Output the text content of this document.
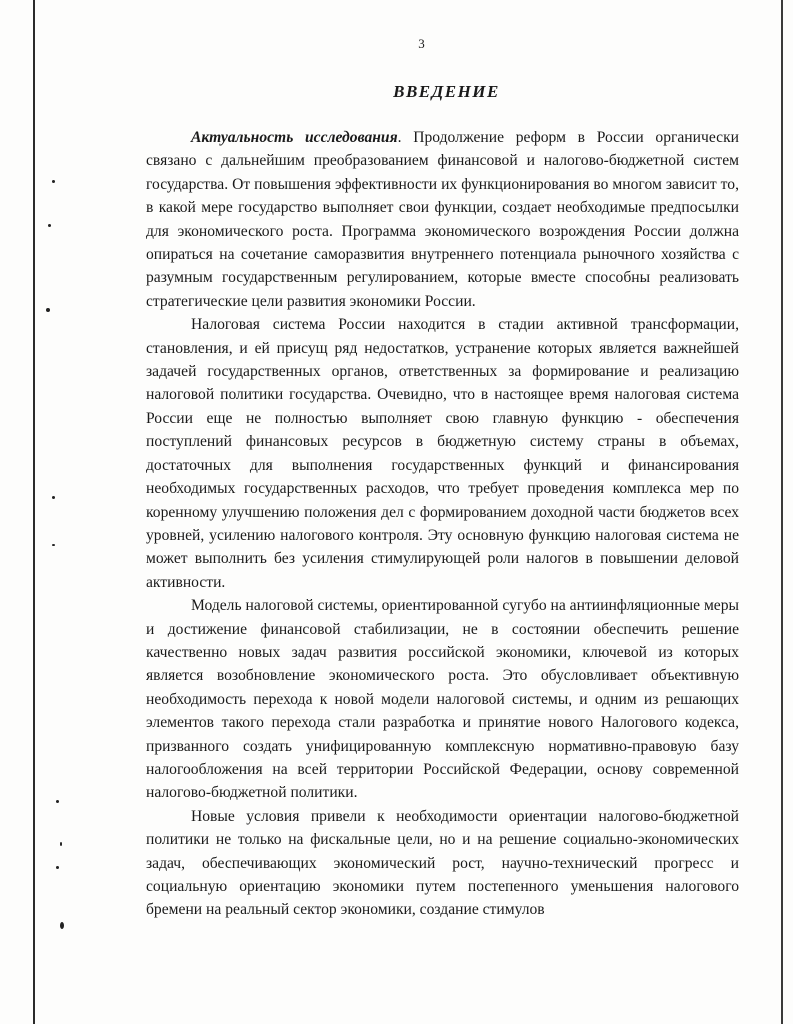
3
ВВЕДЕНИЕ

Актуальность исследования. Продолжение реформ в России органически связано с дальнейшим преобразованием финансовой и налогово-бюджетной систем государства. От повышения эффективности их функционирования во многом зависит то, в какой мере государство выполняет свои функции, создает необходимые предпосылки для экономического роста. Программа экономического возрождения России должна опираться на сочетание саморазвития внутреннего потенциала рыночного хозяйства с разумным государственным регулированием, которые вместе способны реализовать стратегические цели развития экономики России.

Налоговая система России находится в стадии активной трансформации, становления, и ей присущ ряд недостатков, устранение которых является важнейшей задачей государственных органов, ответственных за формирование и реализацию налоговой политики государства. Очевидно, что в настоящее время налоговая система России еще не полностью выполняет свою главную функцию - обеспечения поступлений финансовых ресурсов в бюджетную систему страны в объемах, достаточных для выполнения государственных функций и финансирования необходимых государственных расходов, что требует проведения комплекса мер по коренному улучшению положения дел с формированием доходной части бюджетов всех уровней, усилению налогового контроля. Эту основную функцию налоговая система не может выполнить без усиления стимулирующей роли налогов в повышении деловой активности.

Модель налоговой системы, ориентированной сугубо на антиинфляционные меры и достижение финансовой стабилизации, не в состоянии обеспечить решение качественно новых задач развития российской экономики, ключевой из которых является возобновление экономического роста. Это обусловливает объективную необходимость перехода к новой модели налоговой системы, и одним из решающих элементов такого перехода стали разработка и принятие нового Налогового кодекса, призванного создать унифицированную комплексную нормативно-правовую базу налогообложения на всей территории Российской Федерации, основу современной налогово-бюджетной политики.

Новые условия привели к необходимости ориентации налогово-бюджетной политики не только на фискальные цели, но и на решение социально-экономических задач, обеспечивающих экономический рост, научно-технический прогресс и социальную ориентацию экономики путем постепенного уменьшения налогового бремени на реальный сектор экономики, создание стимулов
